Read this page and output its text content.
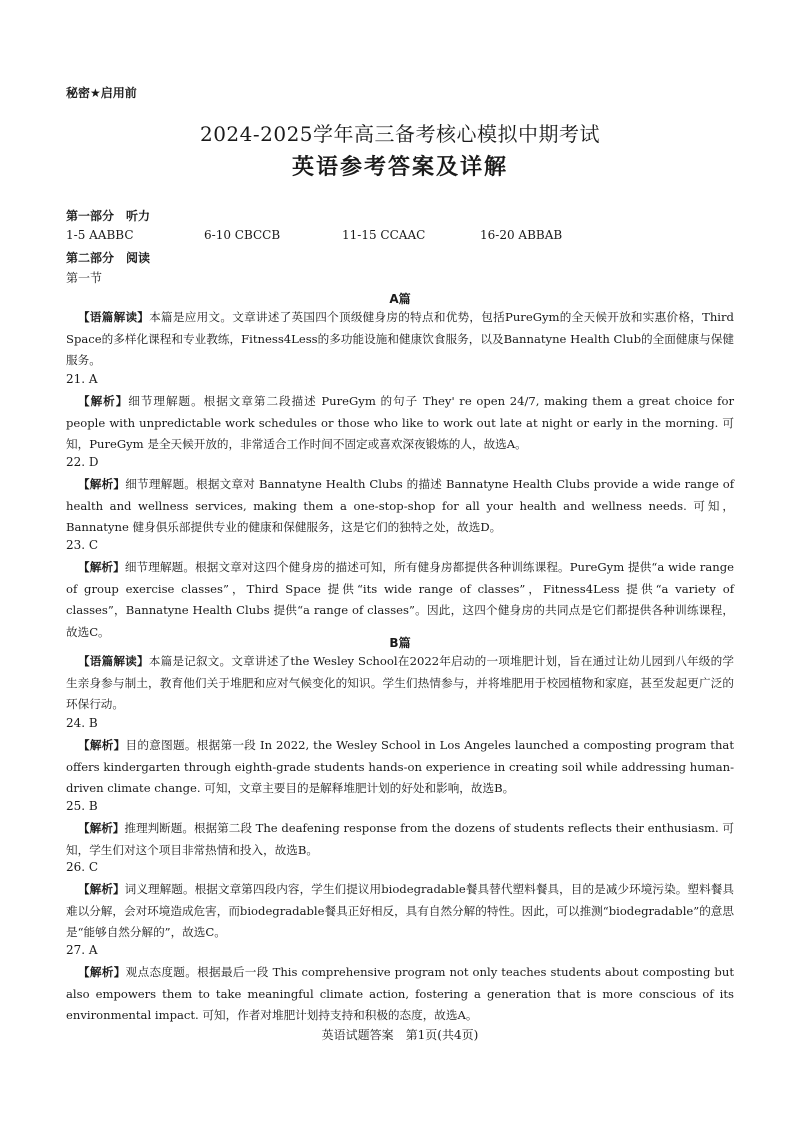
秘密★启用前
2024-2025学年高三备考核心模拟中期考试
英语参考答案及详解
第一部分　听力
1-5 AABBC	6-10 CBCCB	11-15 CCAAC	16-20 ABBAB
第二部分　阅读
第一节
A篇
【语篇解读】本篇是应用文。文章讲述了英国四个顶级健身房的特点和优势，包括PureGym的全天候开放和实惠价格，Third Space的多样化课程和专业教练，Fitness4Less的多功能设施和健康饮食服务，以及Bannatyne Health Club的全面健康与保健服务。
21. A
【解析】细节理解题。根据文章第二段描述 PureGym 的句子 They' re open 24/7, making them a great choice for people with unpredictable work schedules or those who like to work out late at night or early in the morning. 可知，PureGym 是全天候开放的，非常适合工作时间不固定或喜欢深夜锻炼的人，故选A。
22. D
【解析】细节理解题。根据文章对 Bannatyne Health Clubs 的描述 Bannatyne Health Clubs provide a wide range of health and wellness services, making them a one-stop-shop for all your health and wellness needs. 可知，Bannatyne 健身俱乐部提供专业的健康和保健服务，这是它们的独特之处，故选D。
23. C
【解析】细节理解题。根据文章对这四个健身房的描述可知，所有健身房都提供各种训练课程。PureGym 提供“a wide range of group exercise classes”，Third Space 提供“its wide range of classes”，Fitness4Less 提供“a variety of classes”，Bannatyne Health Clubs 提供“a range of classes”。因此，这四个健身房的共同点是它们都提供各种训练课程，故选C。
B篇
【语篇解读】本篇是记叙文。文章讲述了the Wesley School在2022年启动的一项堆肥计划，旨在通过让幼儿园到八年级的学生亲身参与制土，教育他们关于堆肥和应对气候变化的知识。学生们热情参与，并将堆肥用于校园植物和家庭，甚至发起更广泛的环保行动。
24. B
【解析】目的意图题。根据第一段 In 2022, the Wesley School in Los Angeles launched a composting program that offers kindergarten through eighth-grade students hands-on experience in creating soil while addressing human-driven climate change. 可知，文章主要目的是解释堆肥计划的好处和影响，故选B。
25. B
【解析】推理判断题。根据第二段 The deafening response from the dozens of students reflects their enthusiasm. 可知，学生们对这个项目非常热情和投入，故选B。
26. C
【解析】词义理解题。根据文章第四段内容，学生们提议用biodegradable餐具替代塑料餐具，目的是减少环境污染。塑料餐具难以分解，会对环境造成危害，而biodegradable餐具正好相反，具有自然分解的特性。因此，可以推测“biodegradable”的意思是“能够自然分解的”，故选C。
27. A
【解析】观点态度题。根据最后一段 This comprehensive program not only teaches students about composting but also empowers them to take meaningful climate action, fostering a generation that is more conscious of its environmental impact. 可知，作者对堆肥计划持支持和积极的态度，故选A。
英语试题答案　第1页(共4页)
